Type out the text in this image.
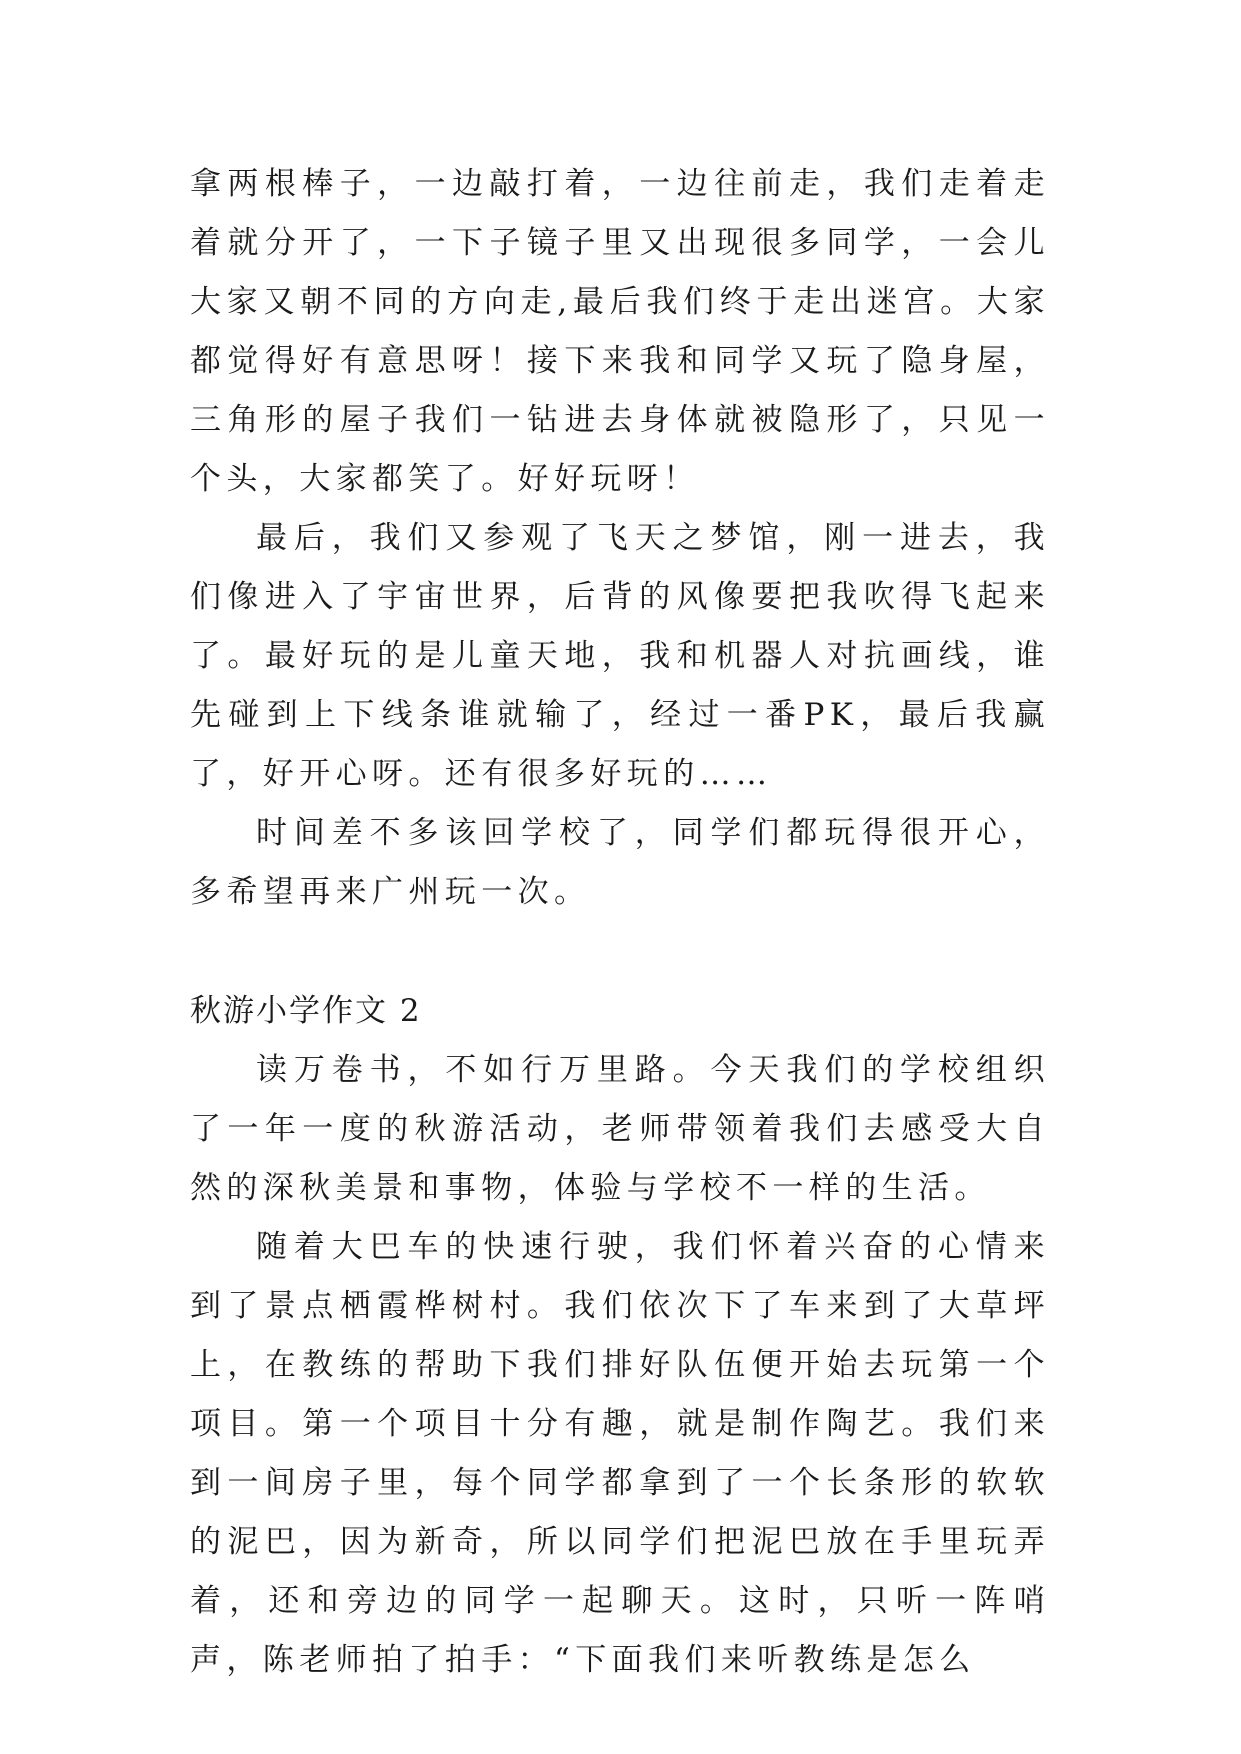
拿两根棒子，一边敲打着，一边往前走，我们走着走着就分开了，一下子镜子里又出现很多同学，一会儿大家又朝不同的方向走,最后我们终于走出迷宫。大家都觉得好有意思呀！接下来我和同学又玩了隐身屋，三角形的屋子我们一钻进去身体就被隐形了，只见一个头，大家都笑了。好好玩呀！

最后，我们又参观了飞天之梦馆，刚一进去，我们像进入了宇宙世界，后背的风像要把我吹得飞起来了。最好玩的是儿童天地，我和机器人对抗画线，谁先碰到上下线条谁就输了，经过一番PK，最后我赢了，好开心呀。还有很多好玩的……

时间差不多该回学校了，同学们都玩得很开心，多希望再来广州玩一次。

秋游小学作文 2

读万卷书，不如行万里路。今天我们的学校组织了一年一度的秋游活动，老师带领着我们去感受大自然的深秋美景和事物，体验与学校不一样的生活。

随着大巴车的快速行驶，我们怀着兴奋的心情来到了景点栖霞桦树村。我们依次下了车来到了大草坪上，在教练的帮助下我们排好队伍便开始去玩第一个项目。第一个项目十分有趣，就是制作陶艺。我们来到一间房子里，每个同学都拿到了一个长条形的软软的泥巴，因为新奇，所以同学们把泥巴放在手里玩弄着，还和旁边的同学一起聊天。这时，只听一阵哨声，陈老师拍了拍手：“下面我们来听教练是怎么
